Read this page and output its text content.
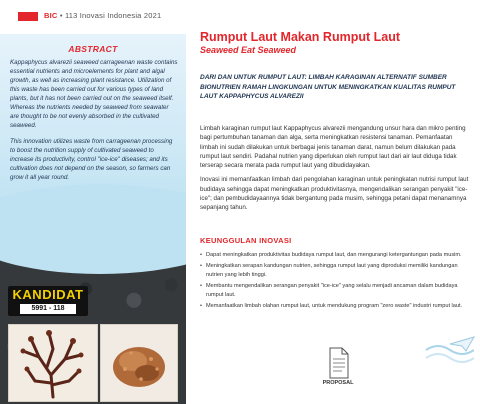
BIC • 113 Inovasi Indonesia 2021
ABSTRACT

Kappaphycus alvarezii seaweed carrageenan waste contains essential nutrients and microelements for plant and algal growth, as well as increasing plant resistance. Utilization of this waste has been carried out for various types of land plants, but it has not been carried out on the seaweed itself. Whereas the nutrients needed by seaweed from seawater are thought to be not evenly absorbed in the cultivated seaweed.

This innovation utilizes waste from carrageenan processing to boost the nutrition supply of cultivated seaweed to increase its productivity, control "ice-ice" diseases; and its cultivation does not depend on the season, so farmers can grow it all year round.

KANDIDAT
5991 - 118
Rumput Laut Makan Rumput Laut
Seaweed Eat Seaweed
DARI DAN UNTUK RUMPUT LAUT: LIMBAH KARAGINAN ALTERNATIF SUMBER BIONUTRIEN RAMAH LINGKUNGAN UNTUK MENINGKATKAN KUALITAS RUMPUT LAUT KAPPAPHYCUS ALVAREZII

Limbah karaginan rumput laut Kappaphycus alvarezii mengandung unsur hara dan mikro penting bagi pertumbuhan tanaman dan alga, serta meningkatkan resistensi tanaman. Pemanfaatan limbah ini sudah dilakukan untuk berbagai jenis tanaman darat, namun belum dilakukan pada rumput laut sendiri. Padahal nutrien yang diperlukan oleh rumput laut dari air laut diduga tidak terserap secara merata pada rumput laut yang dibudidayakan.

Inovasi ini memanfaatkan limbah dari pengolahan karaginan untuk peningkatan nutrisi rumput laut budidaya sehingga dapat meningkatkan produktivitasnya, mengendalikan serangan penyakit "ice-ice"; dan pembudidayaannya tidak bergantung pada musim, sehingga petani dapat menanamnya sepanjang tahun.

KEUNGGULAN INOVASI
• Dapat meningkatkan produktivitas budidaya rumput laut, dan mengurangi ketergantungan pada musim.
• Meningkatkan serapan kandungan nutrien, sehingga rumput laut yang diproduksi memiliki kandungan nutrien yang lebih tinggi.
• Membantu mengendalikan serangan penyakit "ice-ice" yang selalu menjadi ancaman dalam budidaya rumput laut.
• Memanfaatkan limbah olahan rumput laut, untuk mendukung program "zero waste" industri rumput laut.
PROPOSAL
